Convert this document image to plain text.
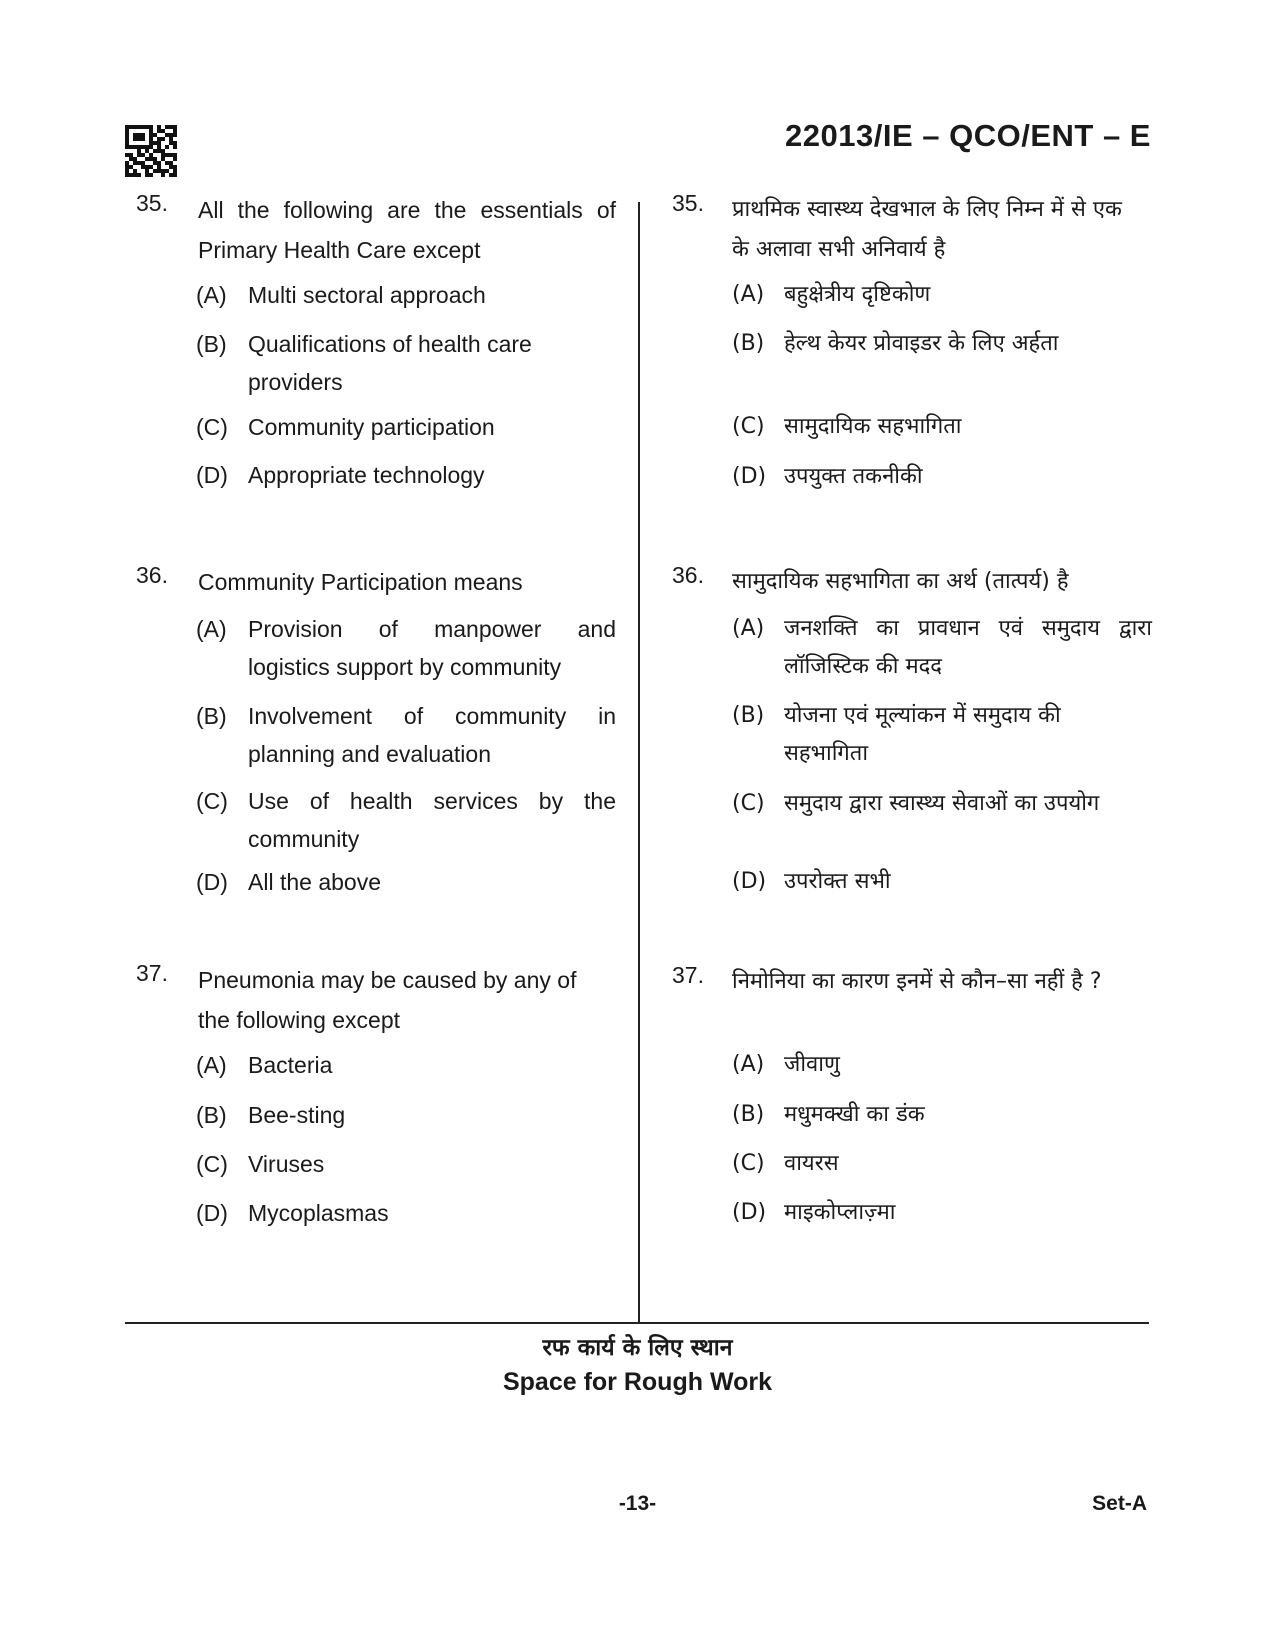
22013/IE – QCO/ENT – E
35. All the following are the essentials of
Primary Health Care except
(A) Multi sectoral approach
(B) Qualifications of health care
providers
(C) Community participation
(D) Appropriate technology
36. Community Participation means
(A) Provision of manpower and
logistics support by community
(B) Involvement of community in
planning and evaluation
(C) Use of health services by the
community
(D) All the above
37. Pneumonia may be caused by any of
the following except
(A) Bacteria
(B) Bee-sting
(C) Viruses
(D) Mycoplasmas
35. प्राथमिक स्वास्थ्य देखभाल के लिए निम्न में से एक
के अलावा सभी अनिवार्य है
(A) बहुक्षेत्रीय दृष्टिकोण
(B) हेल्थ केयर प्रोवाइडर के लिए अर्हता
(C) सामुदायिक सहभागिता
(D) उपयुक्त तकनीकी
36. सामुदायिक सहभागिता का अर्थ (तात्पर्य) है
(A) जनशक्ति का प्रावधान एवं समुदाय द्वारा
लॉजिस्टिक की मदद
(B) योजना एवं मूल्यांकन में समुदाय की
सहभागिता
(C) समुदाय द्वारा स्वास्थ्य सेवाओं का उपयोग
(D) उपरोक्त सभी
37. निमोनिया का कारण इनमें से कौन–सा नहीं है ?
(A) जीवाणु
(B) मधुमक्खी का डंक
(C) वायरस
(D) माइकोप्लाज़्मा
रफ कार्य के लिए स्थान
Space for Rough Work
-13-	Set-A
